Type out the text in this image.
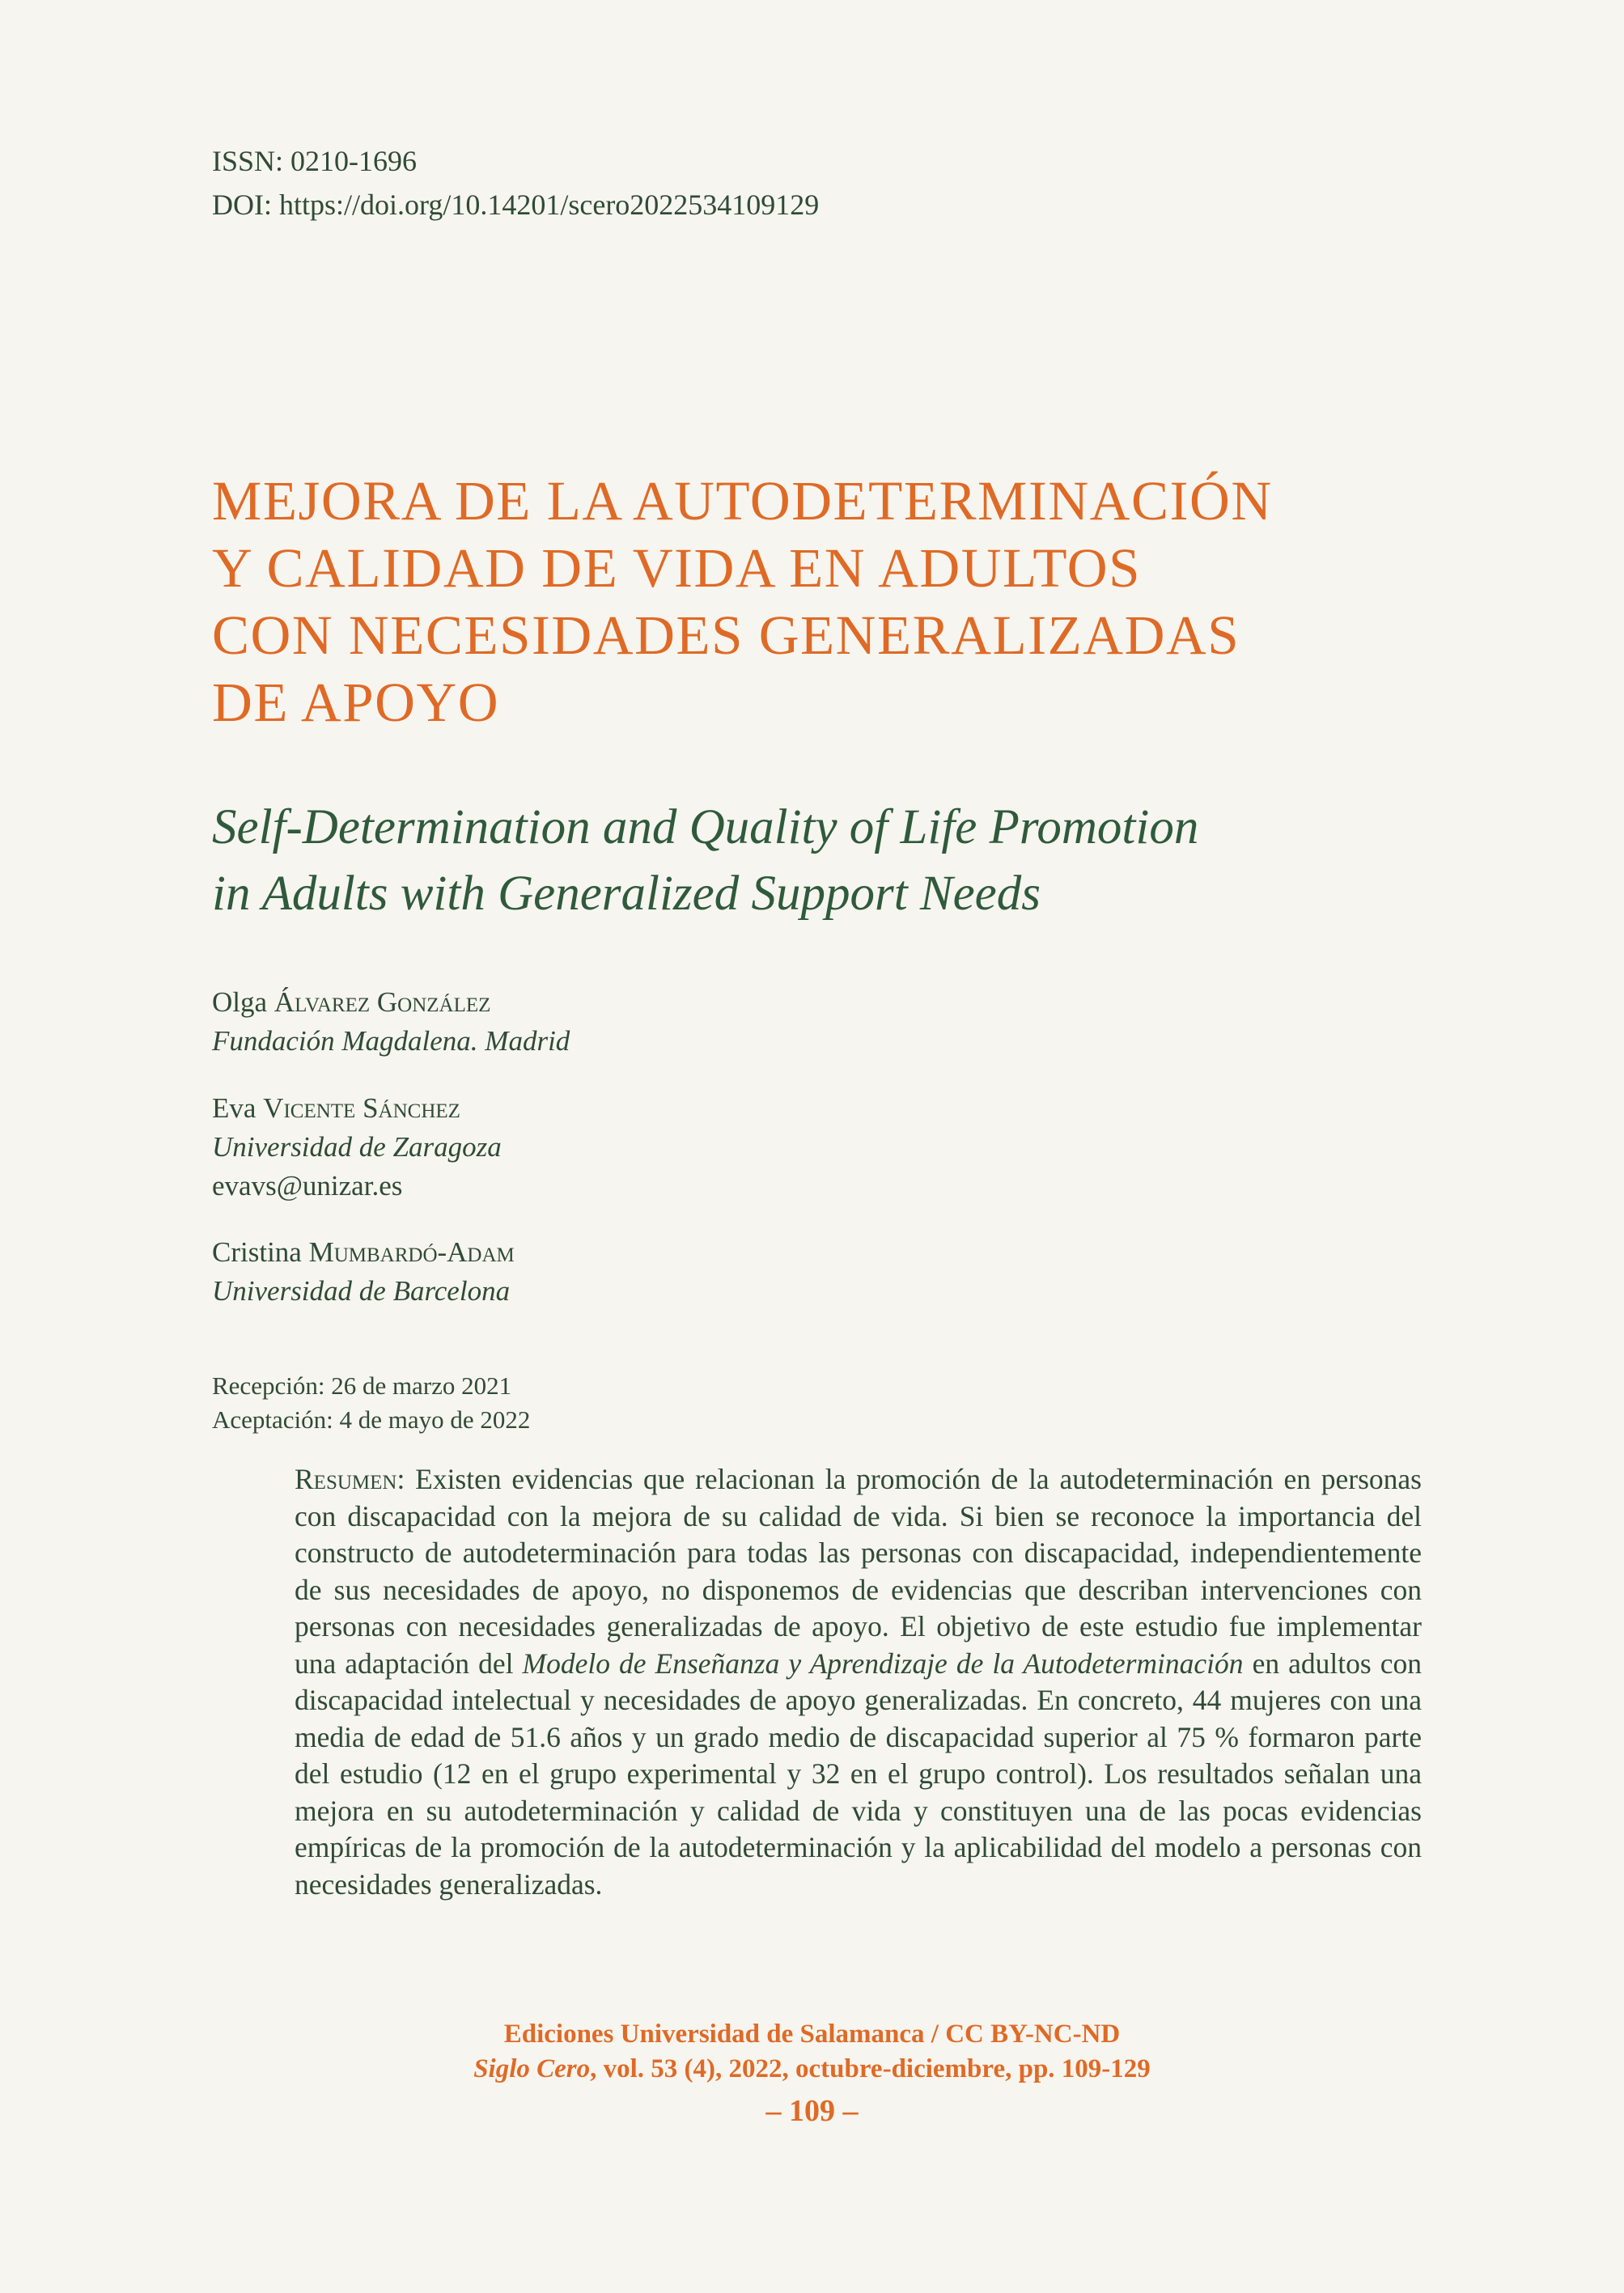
ISSN: 0210-1696
DOI: https://doi.org/10.14201/scero2022534109129
MEJORA DE LA AUTODETERMINACIÓN
Y CALIDAD DE VIDA EN ADULTOS
CON NECESIDADES GENERALIZADAS
DE APOYO
Self-Determination and Quality of Life Promotion
in Adults with Generalized Support Needs
Olga Álvarez González
Fundación Magdalena. Madrid
Eva Vicente Sánchez
Universidad de Zaragoza
evavs@unizar.es
Cristina Mumbardó-Adam
Universidad de Barcelona
Recepción: 26 de marzo 2021
Aceptación: 4 de mayo de 2022

Resumen: Existen evidencias que relacionan la promoción de la autodeterminación en personas con discapacidad con la mejora de su calidad de vida. Si bien se reconoce la importancia del constructo de autodeterminación para todas las personas con discapacidad, independientemente de sus necesidades de apoyo, no disponemos de evidencias que describan intervenciones con personas con necesidades generalizadas de apoyo. El objetivo de este estudio fue implementar una adaptación del Modelo de Enseñanza y Aprendizaje de la Autodeterminación en adultos con discapacidad intelectual y necesidades de apoyo generalizadas. En concreto, 44 mujeres con una media de edad de 51.6 años y un grado medio de discapacidad superior al 75 % formaron parte del estudio (12 en el grupo experimental y 32 en el grupo control). Los resultados señalan una mejora en su autodeterminación y calidad de vida y constituyen una de las pocas evidencias empíricas de la promoción de la autodeterminación y la aplicabilidad del modelo a personas con necesidades generalizadas.

Ediciones Universidad de Salamanca / CC BY-NC-ND
Siglo Cero, vol. 53 (4), 2022, octubre-diciembre, pp. 109-129
– 109 –
